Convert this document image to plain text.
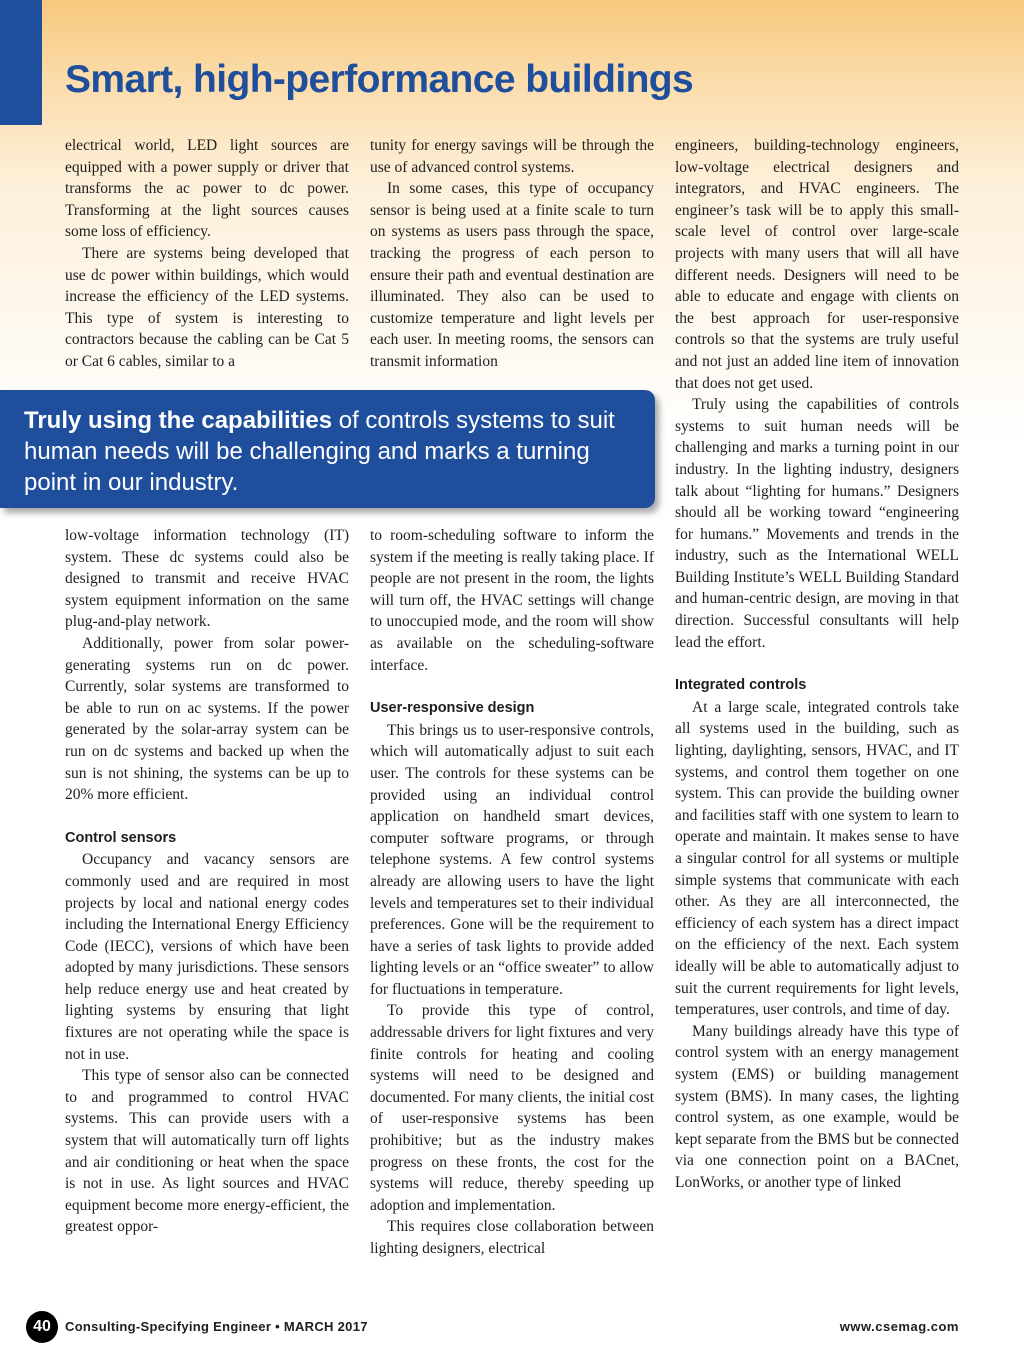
Smart, high-performance buildings

electrical world, LED light sources are equipped with a power supply or driver that transforms the ac power to dc power. Transforming at the light sources causes some loss of efficiency.

There are systems being developed that use dc power within buildings, which would increase the efficiency of the LED systems. This type of system is interesting to contractors because the cabling can be Cat 5 or Cat 6 cables, similar to a

low-voltage information technology (IT) system. These dc systems could also be designed to transmit and receive HVAC system equipment information on the same plug-and-play network.

Additionally, power from solar power-generating systems run on dc power. Currently, solar systems are transformed to be able to run on ac systems. If the power generated by the solar-array system can be run on dc systems and backed up when the sun is not shining, the systems can be up to 20% more efficient.

Control sensors

Occupancy and vacancy sensors are commonly used and are required in most projects by local and national energy codes including the International Energy Efficiency Code (IECC), versions of which have been adopted by many jurisdictions. These sensors help reduce energy use and heat created by lighting systems by ensuring that light fixtures are not operating while the space is not in use.

This type of sensor also can be connected to and programmed to control HVAC systems. This can provide users with a system that will automatically turn off lights and air conditioning or heat when the space is not in use. As light sources and HVAC equipment become more energy-efficient, the greatest oppor-

tunity for energy savings will be through the use of advanced control systems.

In some cases, this type of occupancy sensor is being used at a finite scale to turn on systems as users pass through the space, tracking the progress of each person to ensure their path and eventual destination are illuminated. They also can be used to customize temperature and light levels per each user. In meeting rooms, the sensors can transmit information

to room-scheduling software to inform the system if the meeting is really taking place. If people are not present in the room, the lights will turn off, the HVAC settings will change to unoccupied mode, and the room will show as available on the scheduling-software interface.

User-responsive design

This brings us to user-responsive controls, which will automatically adjust to suit each user. The controls for these systems can be provided using an individual control application on handheld smart devices, computer software programs, or through telephone systems. A few control systems already are allowing users to have the light levels and temperatures set to their individual preferences. Gone will be the requirement to have a series of task lights to provide added lighting levels or an “office sweater” to allow for fluctuations in temperature.

To provide this type of control, addressable drivers for light fixtures and very finite controls for heating and cooling systems will need to be designed and documented. For many clients, the initial cost of user-responsive systems has been prohibitive; but as the industry makes progress on these fronts, the cost for the systems will reduce, thereby speeding up adoption and implementation.

This requires close collaboration between lighting designers, electrical

engineers, building-technology engineers, low-voltage electrical designers and integrators, and HVAC engineers. The engineer’s task will be to apply this small-scale level of control over large-scale projects with many users that will all have different needs. Designers will need to be able to educate and engage with clients on the best approach for user-responsive controls so that the systems are truly useful and not just an added line item of innovation that does not get used.

Truly using the capabilities of controls systems to suit human needs will be challenging and marks a turning point in our industry. In the lighting industry, designers talk about “lighting for humans.” Designers should all be working toward “engineering for humans.” Movements and trends in the industry, such as the International WELL Building Institute’s WELL Building Standard and human-centric design, are moving in that direction. Successful consultants will help lead the effort.

Integrated controls

At a large scale, integrated controls take all systems used in the building, such as lighting, daylighting, sensors, HVAC, and IT systems, and control them together on one system. This can provide the building owner and facilities staff with one system to learn to operate and maintain. It makes sense to have a singular control for all systems or multiple simple systems that communicate with each other. As they are all interconnected, the efficiency of each system has a direct impact on the efficiency of the next. Each system ideally will be able to automatically adjust to suit the current requirements for light levels, temperatures, user controls, and time of day.

Many buildings already have this type of control system with an energy management system (EMS) or building management system (BMS). In many cases, the lighting control system, as one example, would be kept separate from the BMS but be connected via one connection point on a BACnet, LonWorks, or another type of linked

Truly using the capabilities of controls systems to suit human needs will be challenging and marks a turning point in our industry.
40	Consulting-Specifying Engineer • MARCH 2017	www.csemag.com
